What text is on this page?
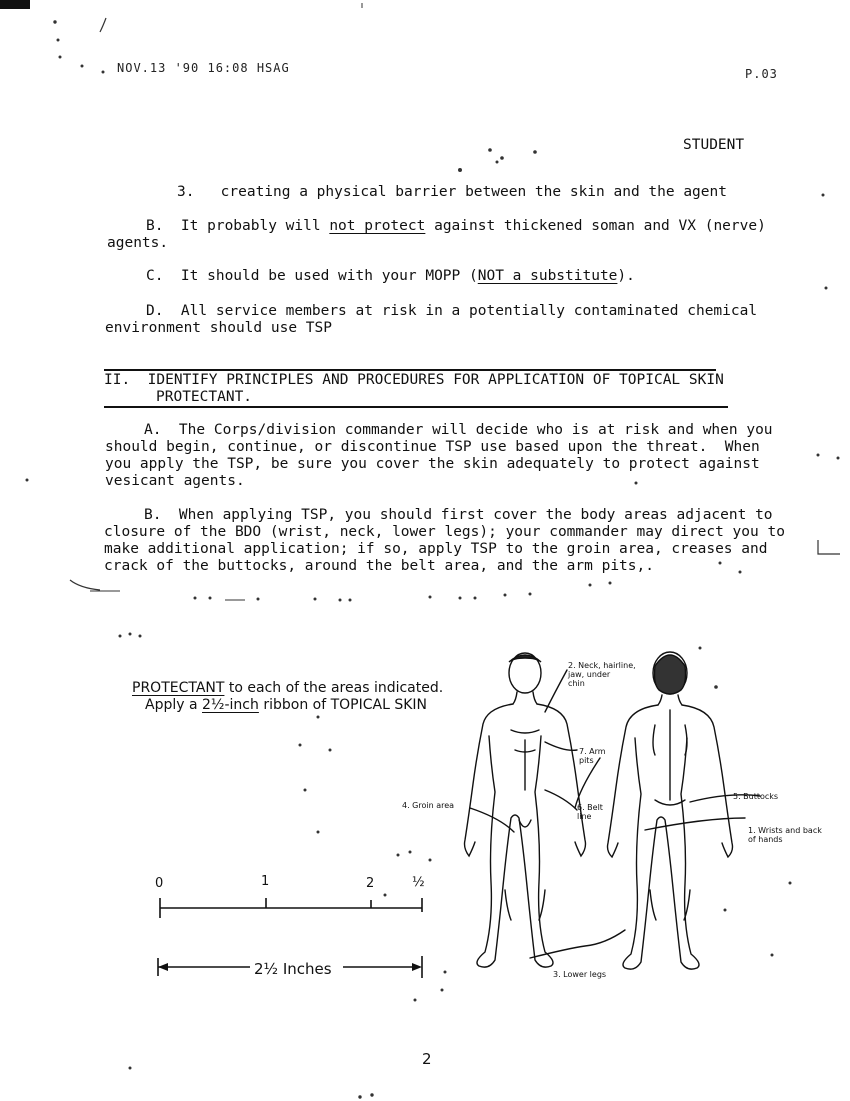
NOV.13 '90 16:08 HSAG	P.03
STUDENT
3.   creating a physical barrier between the skin and the agent
B.  It probably will not protect against thickened soman and VX (nerve)
agents.
C.  It should be used with your MOPP (NOT a substitute).
D.  All service members at risk in a potentially contaminated chemical
environment should use TSP
II.  IDENTIFY PRINCIPLES AND PROCEDURES FOR APPLICATION OF TOPICAL SKIN
PROTECTANT.
A.  The Corps/division commander will decide who is at risk and when you
should begin, continue, or discontinue TSP use based upon the threat.  When
you apply the TSP, be sure you cover the skin adequately to protect against
vesicant agents.
B.  When applying TSP, you should first cover the body areas adjacent to
closure of the BDO (wrist, neck, lower legs); your commander may direct you to
make additional application; if so, apply TSP to the groin area, creases and
crack of the buttocks, around the belt area, and the arm pits,.

Apply a 2½-inch ribbon of TOPICAL SKIN

PROTECTANT to each of the areas indicated.
0	1	2	½
2½ Inches
2. Neck, hairline,
jaw, under
chin
7. Arm
pits
4. Groin area	6. Belt
line
5. Buttocks
1. Wrists and back
of hands
3. Lower legs
2
